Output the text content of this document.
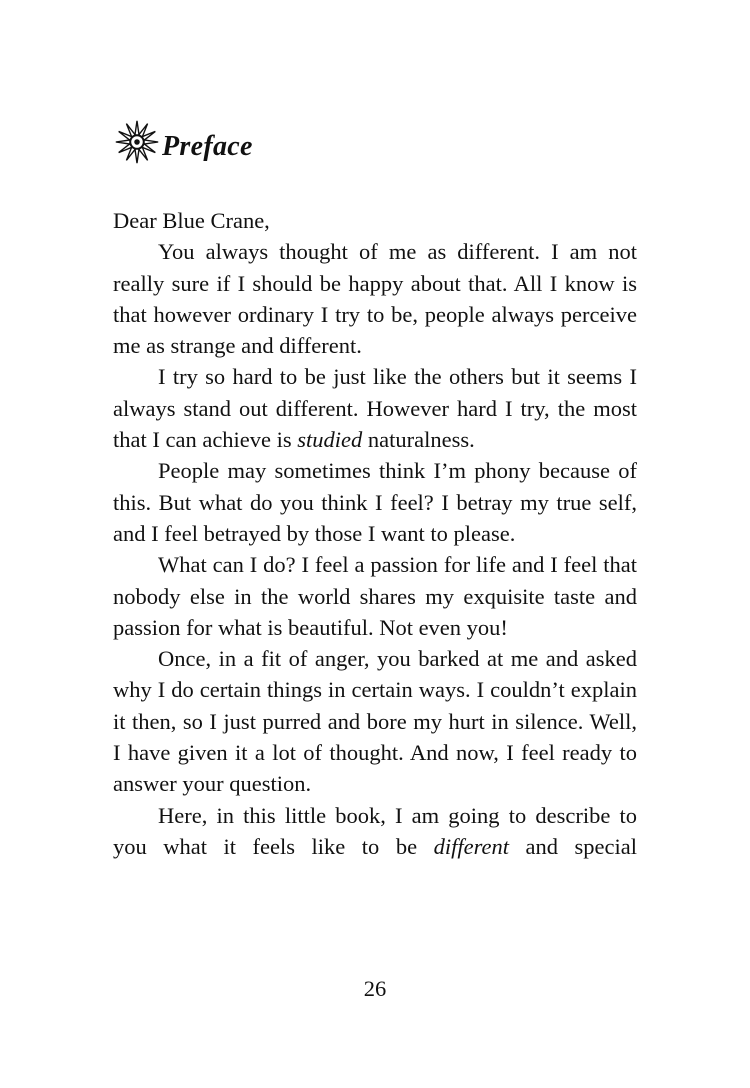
Preface

Dear Blue Crane,

You always thought of me as different. I am not really sure if I should be happy about that. All I know is that however ordinary I try to be, people always perceive me as strange and different.

I try so hard to be just like the others but it seems I always stand out different. However hard I try, the most that I can achieve is studied naturalness.

People may sometimes think I’m phony because of this. But what do you think I feel? I betray my true self, and I feel betrayed by those I want to please.

What can I do? I feel a passion for life and I feel that nobody else in the world shares my exquisite taste and passion for what is beautiful. Not even you!

Once, in a fit of anger, you barked at me and asked why I do certain things in certain ways. I couldn’t explain it then, so I just purred and bore my hurt in silence. Well, I have given it a lot of thought. And now, I feel ready to answer your question.

Here, in this little book, I am going to describe to you what it feels like to be different and special

26
